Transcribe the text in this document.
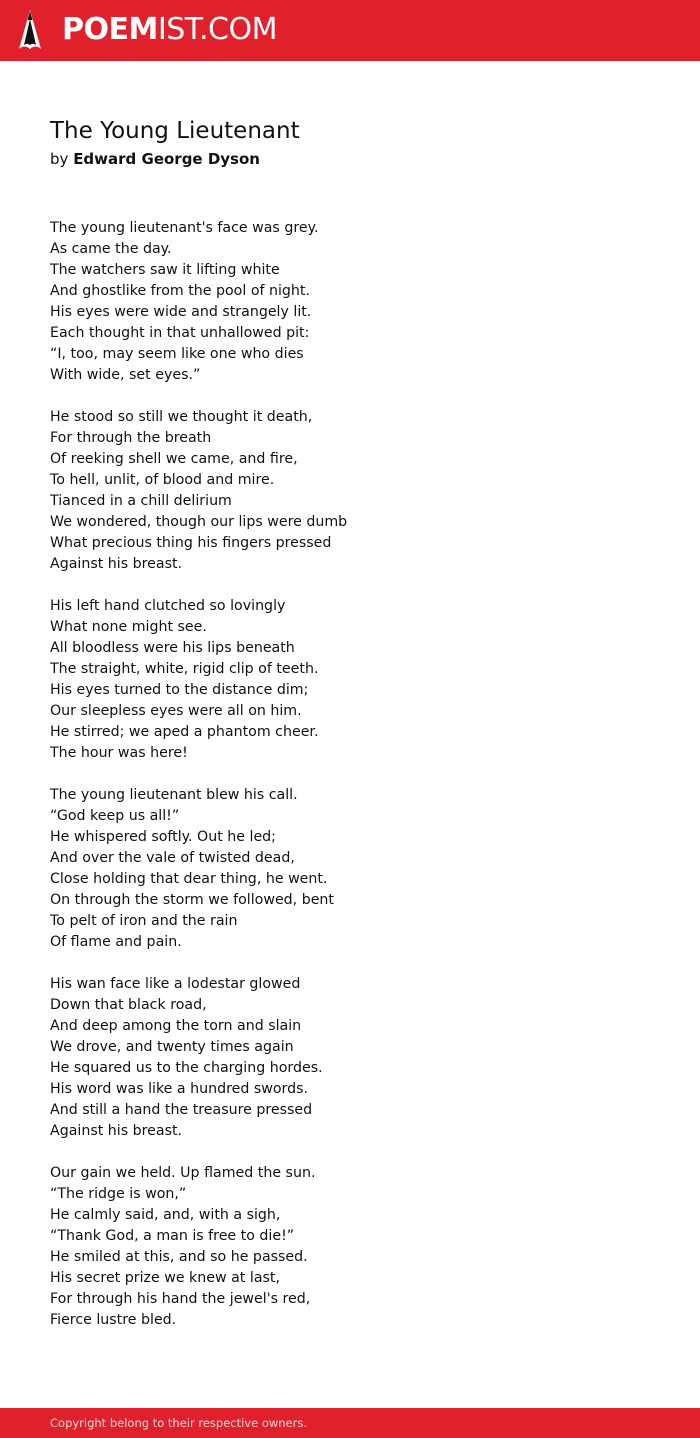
POEMIST.COM
The Young Lieutenant
by Edward George Dyson
The young lieutenant's face was grey.
As came the day.
The watchers saw it lifting white
And ghostlike from the pool of night.
His eyes were wide and strangely lit.
Each thought in that unhallowed pit:
“I, too, may seem like one who dies
With wide, set eyes.”
He stood so still we thought it death,
For through the breath
Of reeking shell we came, and fire,
To hell, unlit, of blood and mire.
Tianced in a chill delirium
We wondered, though our lips were dumb
What precious thing his fingers pressed
Against his breast.
His left hand clutched so lovingly
What none might see.
All bloodless were his lips beneath
The straight, white, rigid clip of teeth.
His eyes turned to the distance dim;
Our sleepless eyes were all on him.
He stirred; we aped a phantom cheer.
The hour was here!
The young lieutenant blew his call.
“God keep us all!”
He whispered softly. Out he led;
And over the vale of twisted dead,
Close holding that dear thing, he went.
On through the storm we followed, bent
To pelt of iron and the rain
Of flame and pain.
His wan face like a lodestar glowed
Down that black road,
And deep among the torn and slain
We drove, and twenty times again
He squared us to the charging hordes.
His word was like a hundred swords.
And still a hand the treasure pressed
Against his breast.
Our gain we held. Up flamed the sun.
“The ridge is won,”
He calmly said, and, with a sigh,
“Thank God, a man is free to die!”
He smiled at this, and so he passed.
His secret prize we knew at last,
For through his hand the jewel's red,
Fierce lustre bled.
Copyright belong to their respective owners.
